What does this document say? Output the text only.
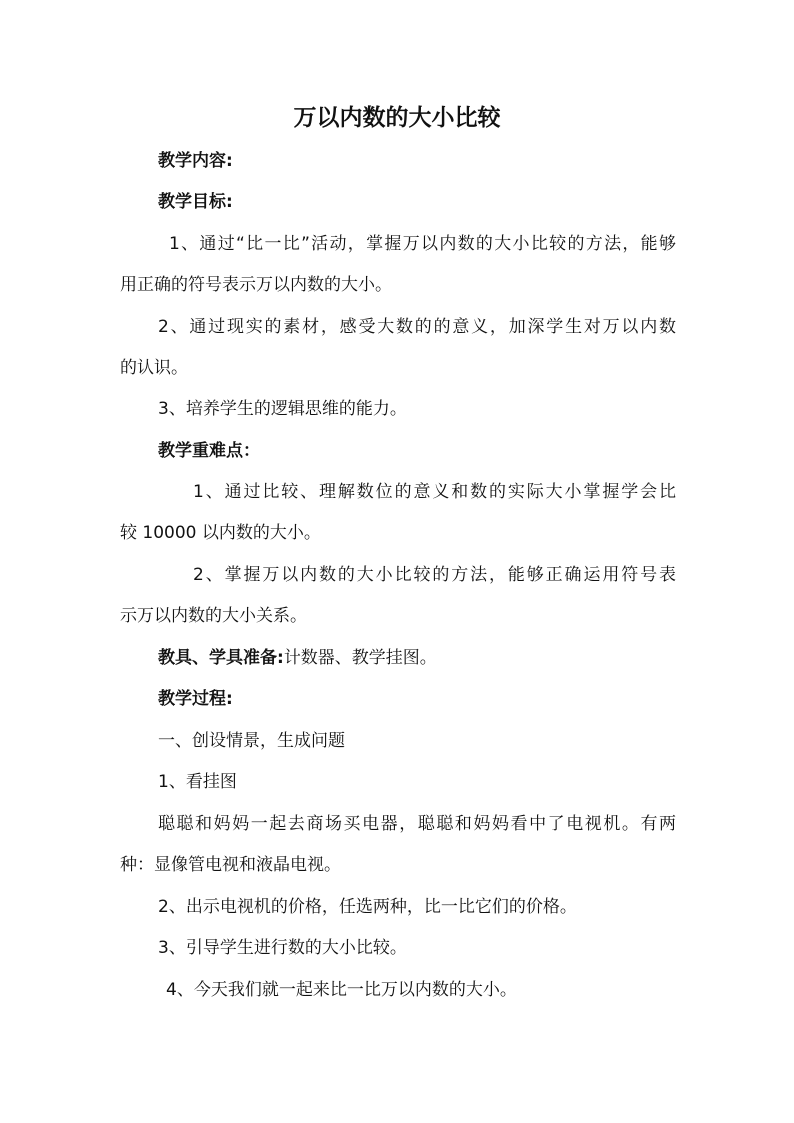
万以内数的大小比较
教学内容:
教学目标:
1、通过“比一比”活动，掌握万以内数的大小比较的方法，能够
用正确的符号表示万以内数的大小。
2、通过现实的素材，感受大数的的意义，加深学生对万以内数
的认识。
3、培养学生的逻辑思维的能力。
教学重难点：
1、通过比较、理解数位的意义和数的实际大小掌握学会比
较 10000 以内数的大小。
2、掌握万以内数的大小比较的方法，能够正确运用符号表
示万以内数的大小关系。
教具、学具准备:计数器、教学挂图。
教学过程:
一、创设情景，生成问题
1、看挂图
聪聪和妈妈一起去商场买电器，聪聪和妈妈看中了电视机。有两
种：显像管电视和液晶电视。
2、出示电视机的价格，任选两种，比一比它们的价格。
3、引导学生进行数的大小比较。
4、今天我们就一起来比一比万以内数的大小。
